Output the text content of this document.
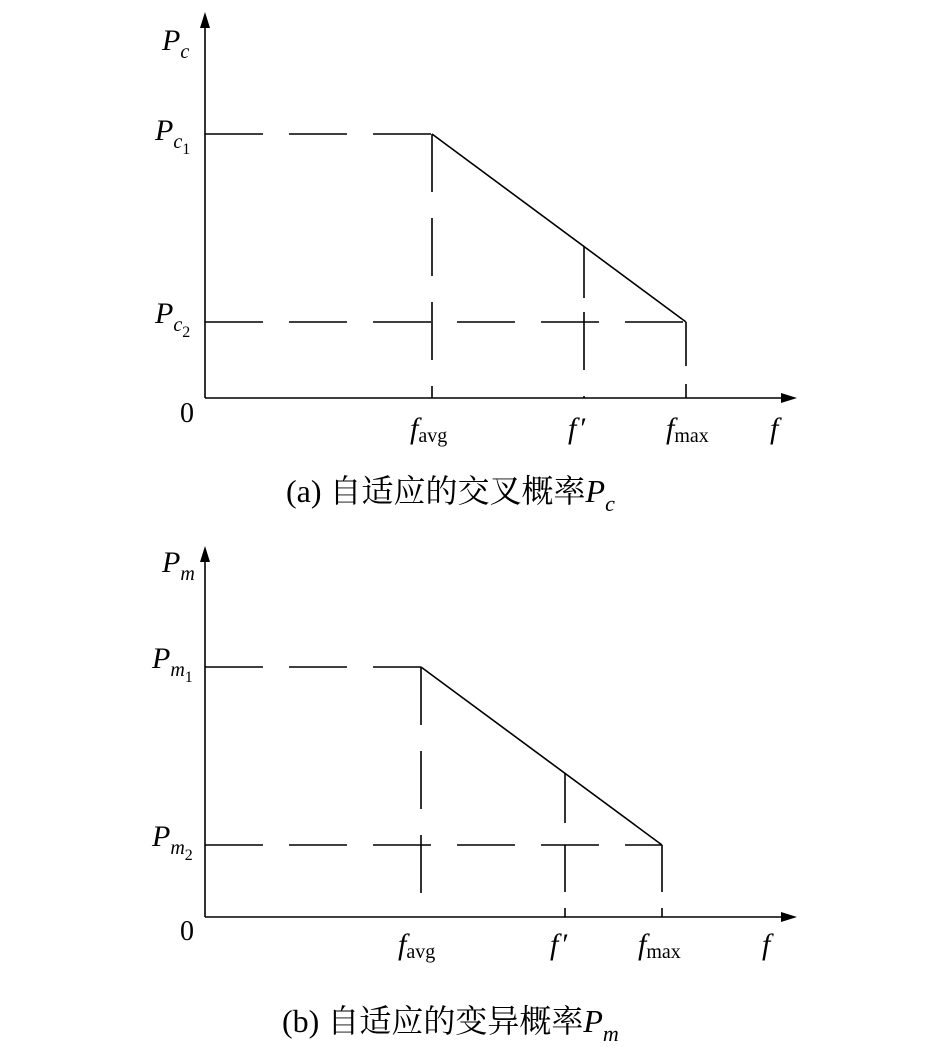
$P_c$
$P_{c1}$
$P_{c2}$
0	favg	f ′	fmax f
(a) 自适应的交叉概率$P_c$
$P_m$
$P_{m1}$
$P_{m2}$
0	favg	f ′ fmax	f
(b) 自适应的变异概率$P_m$
